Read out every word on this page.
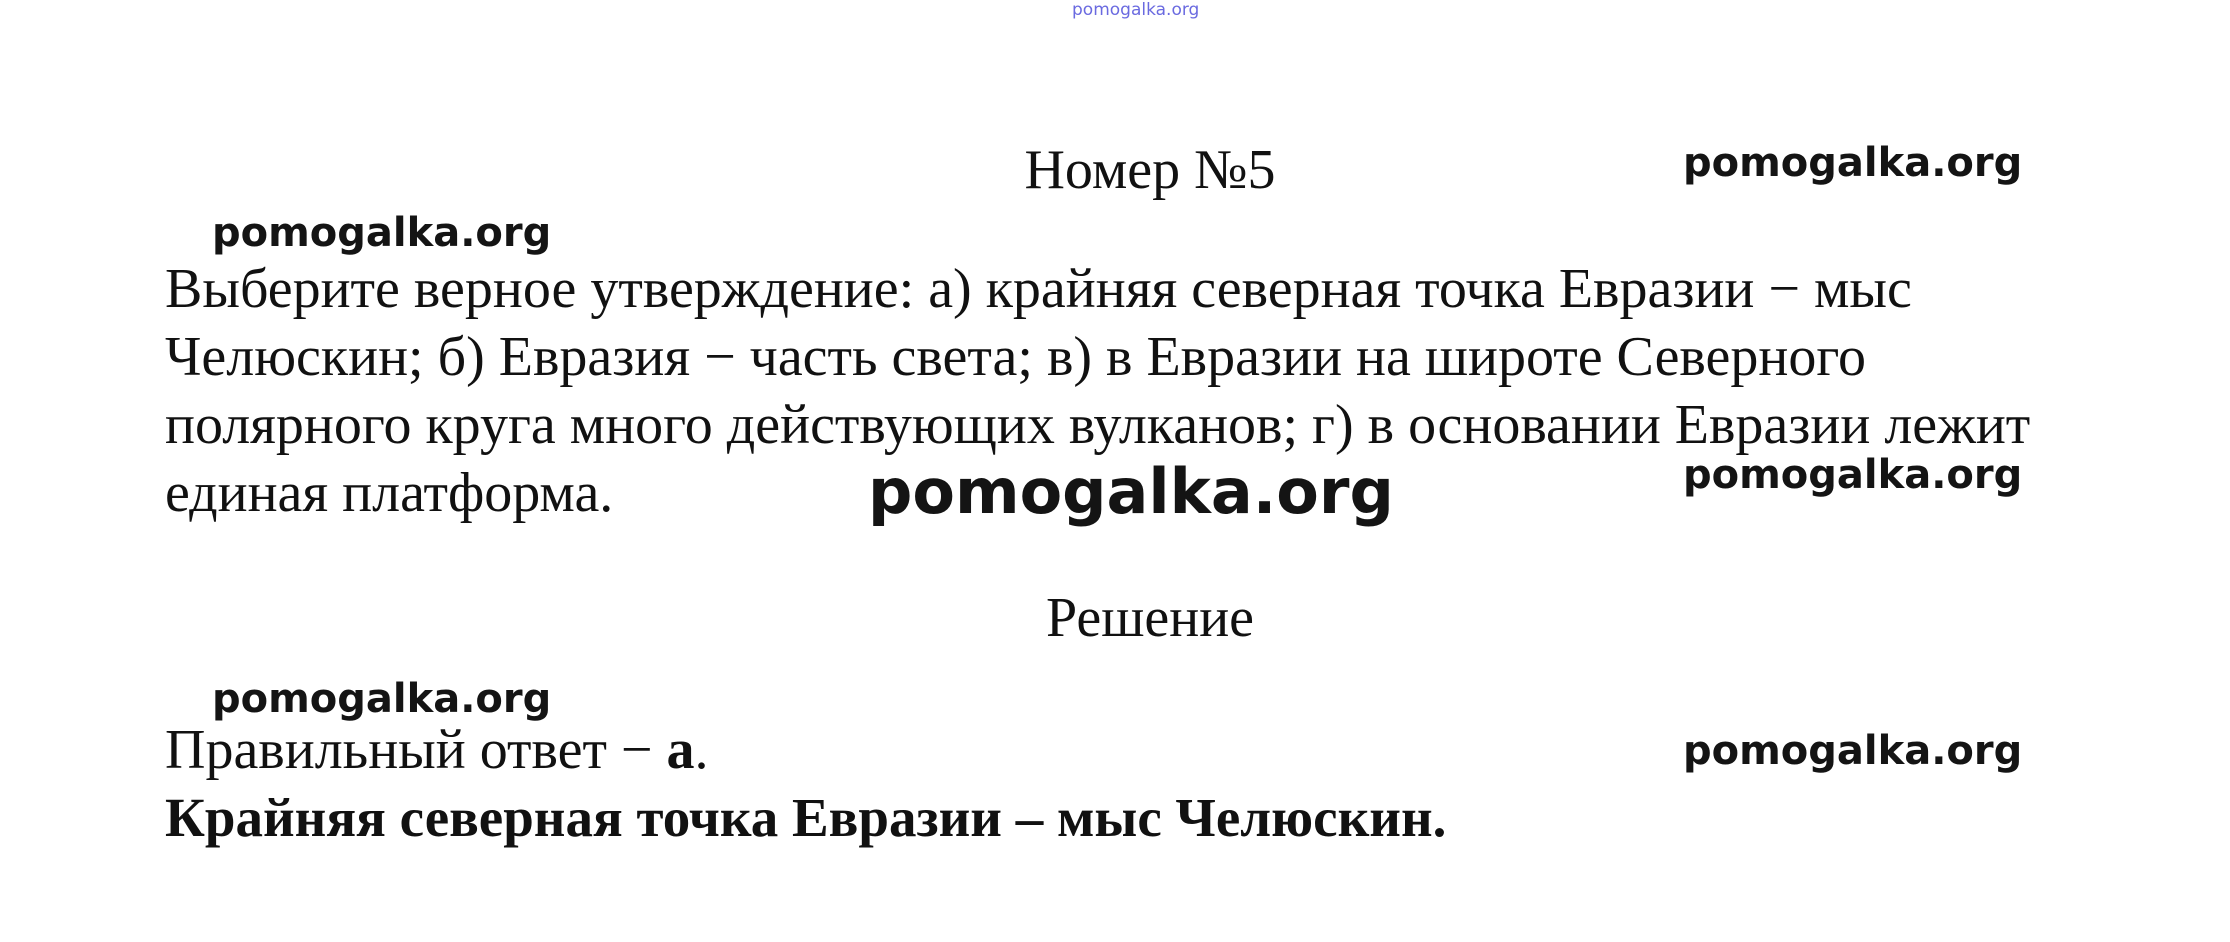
pomogalka.org
Номер №5

Выберите верное утверждение: а) крайняя северная точка Евразии − мыс Челюскин; б) Евразия − часть света; в) в Евразии на широте Северного полярного круга много действующих вулканов; г) в основании Евразии лежит единая платформа.

Решение
Правильный ответ − а.
Крайняя северная точка Евразии – мыс Челюскин.
pomogalka.org
pomogalka.org
pomogalka.org
pomogalka.org
pomogalka.org
pomogalka.org
